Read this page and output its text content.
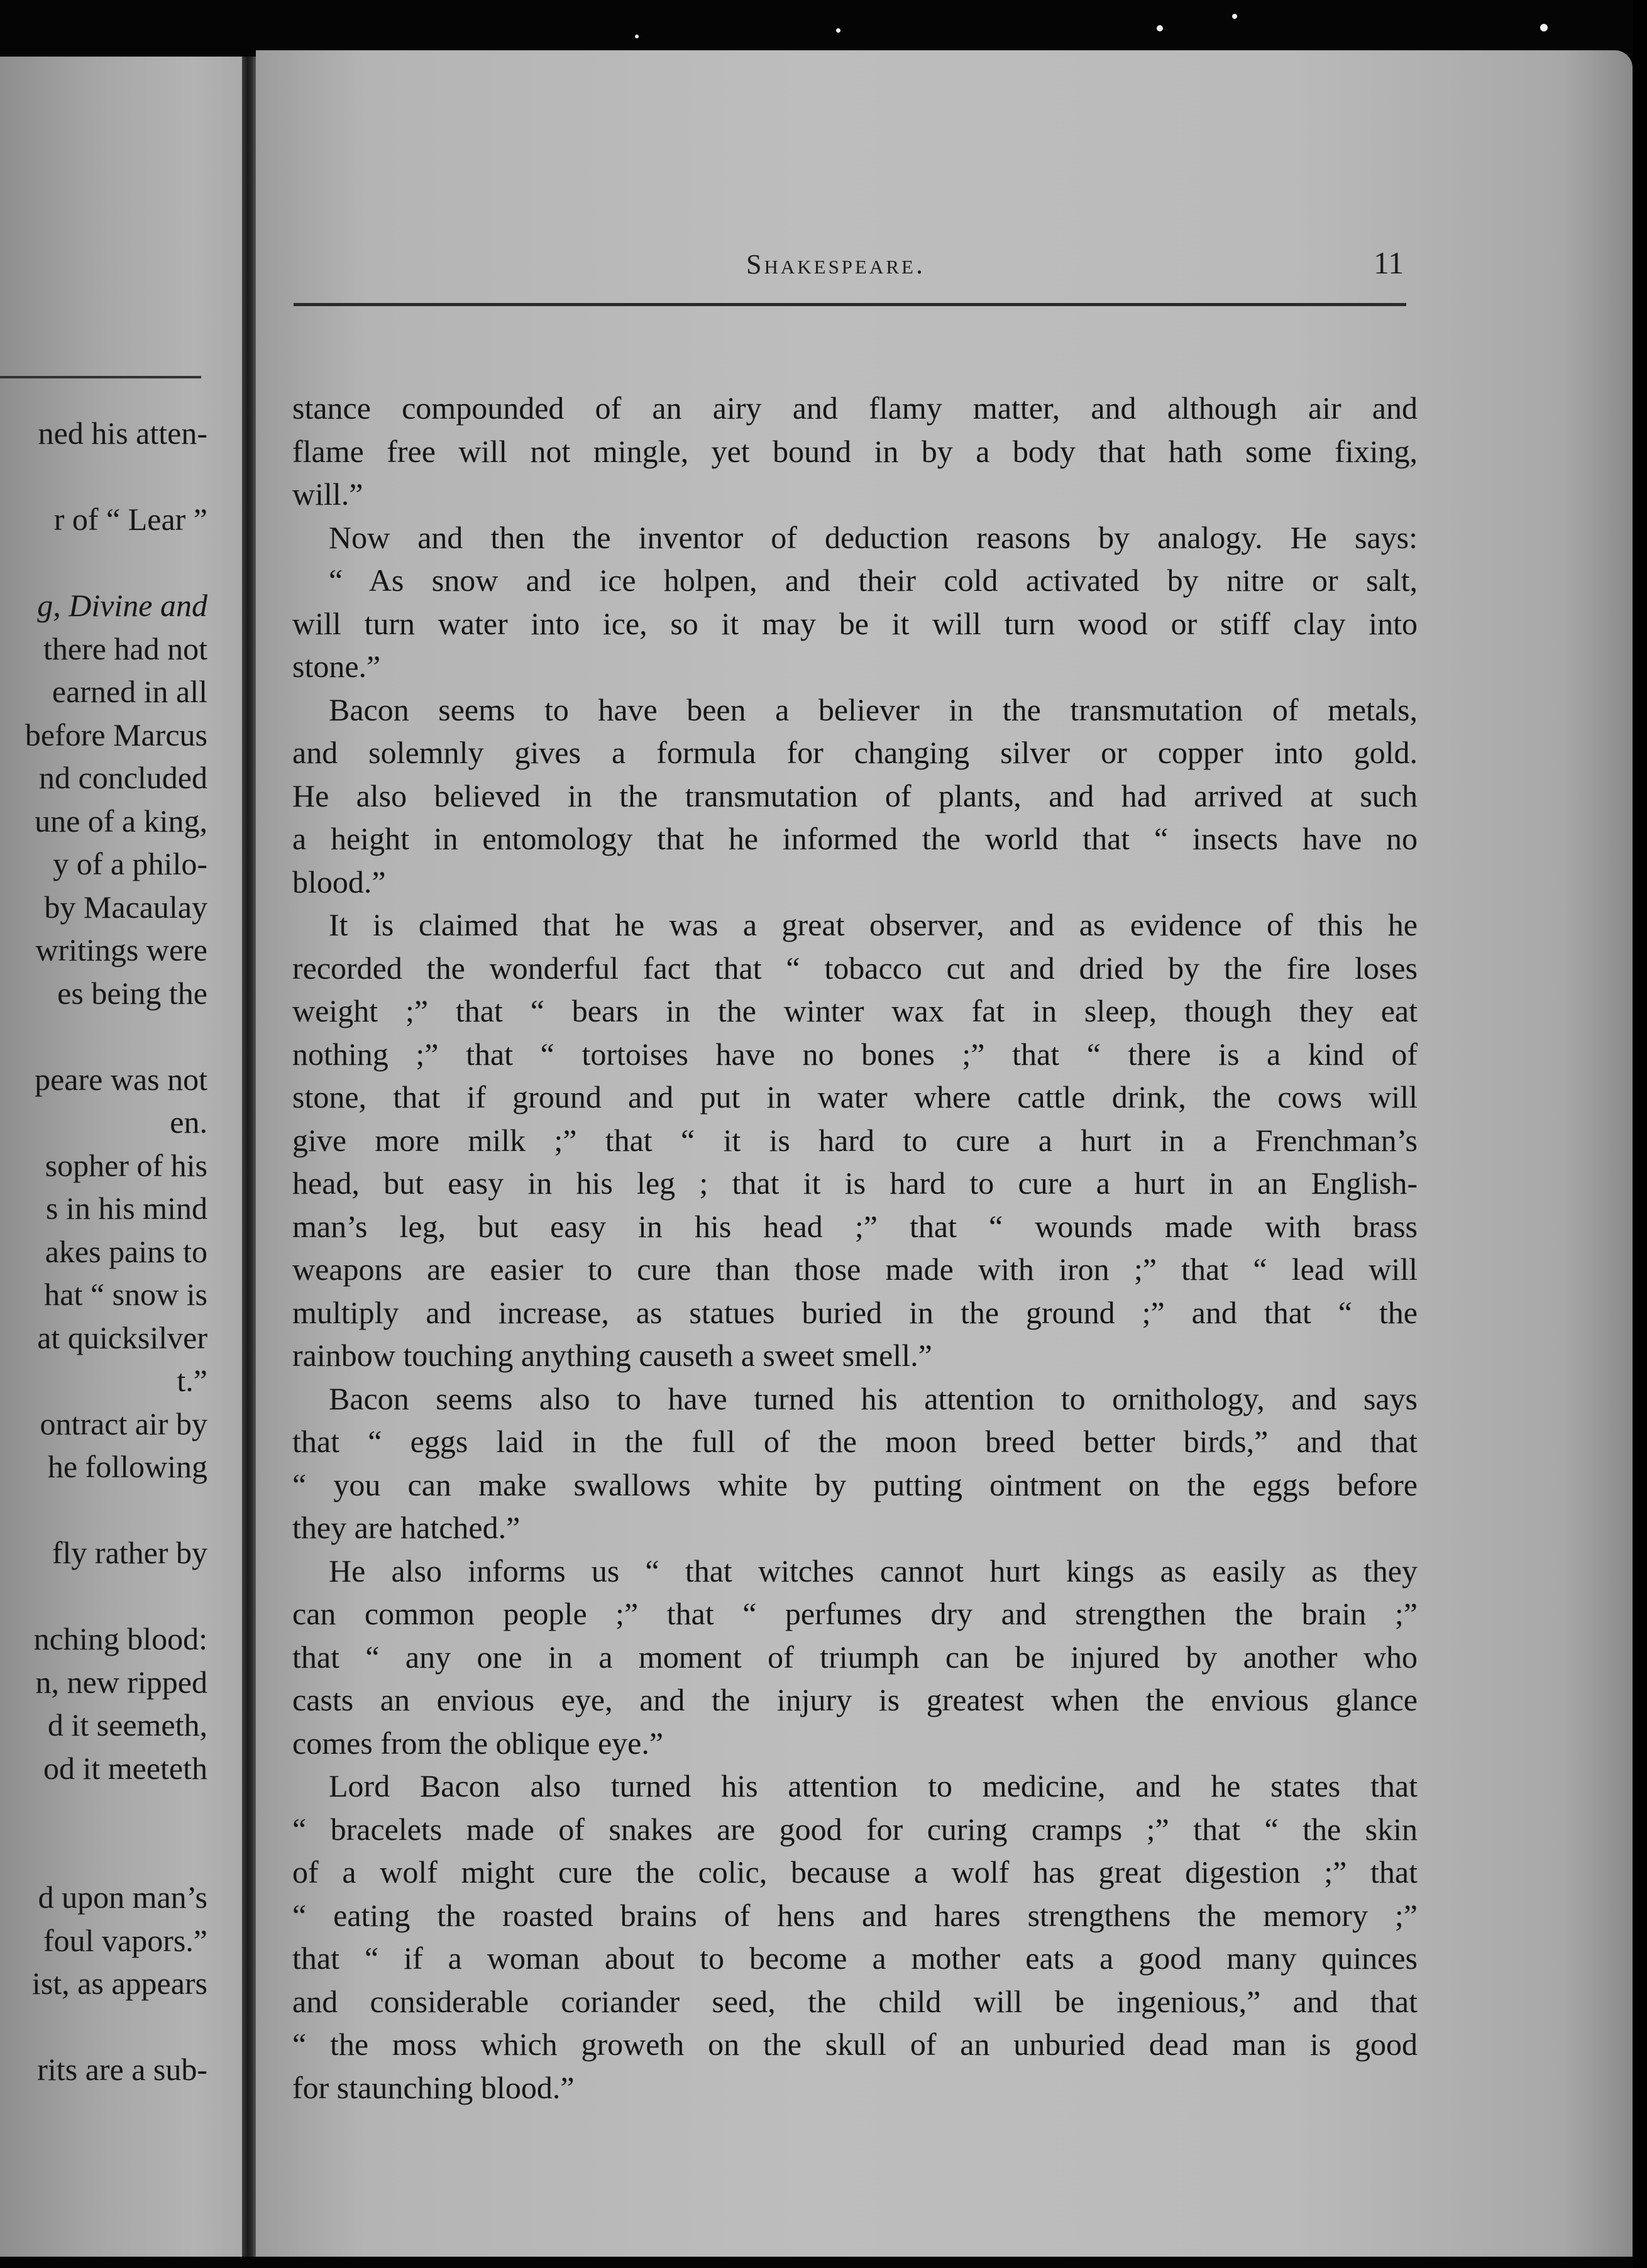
ned his atten-
r of “ Lear ”
g, Divine and
there had not
earned in all
before Marcus
nd concluded
une of a king,
y of a philo-
by Macaulay
writings were
es being the
peare was not
en.
sopher of his
s in his mind
akes pains to
hat “ snow is
at quicksilver
t.”
ontract air by
he following
fly rather by
nching blood:
n, new ripped
d it seemeth,
od it meeteth
d upon man’s
foul vapors.”
ist, as appears
rits are a sub-
Shakespeare.	11
stance compounded of an airy and flamy matter, and although air and
flame free will not mingle, yet bound in by a body that hath some fixing,
will.”
Now and then the inventor of deduction reasons by analogy. He says:
“ As snow and ice holpen, and their cold activated by nitre or salt,
will turn water into ice, so it may be it will turn wood or stiff clay into
stone.”
Bacon seems to have been a believer in the transmutation of metals,
and solemnly gives a formula for changing silver or copper into gold.
He also believed in the transmutation of plants, and had arrived at such
a height in entomology that he informed the world that “ insects have no
blood.”
It is claimed that he was a great observer, and as evidence of this he
recorded the wonderful fact that “ tobacco cut and dried by the fire loses
weight ;” that “ bears in the winter wax fat in sleep, though they eat
nothing ;” that “ tortoises have no bones ;” that “ there is a kind of
stone, that if ground and put in water where cattle drink, the cows will
give more milk ;” that “ it is hard to cure a hurt in a Frenchman’s
head, but easy in his leg ; that it is hard to cure a hurt in an English-
man’s leg, but easy in his head ;” that “ wounds made with brass
weapons are easier to cure than those made with iron ;” that “ lead will
multiply and increase, as statues buried in the ground ;” and that “ the
rainbow touching anything causeth a sweet smell.”
Bacon seems also to have turned his attention to ornithology, and says
that “ eggs laid in the full of the moon breed better birds,” and that
“ you can make swallows white by putting ointment on the eggs before
they are hatched.”
He also informs us “ that witches cannot hurt kings as easily as they
can common people ;” that “ perfumes dry and strengthen the brain ;”
that “ any one in a moment of triumph can be injured by another who
casts an envious eye, and the injury is greatest when the envious glance
comes from the oblique eye.”
Lord Bacon also turned his attention to medicine, and he states that
“ bracelets made of snakes are good for curing cramps ;” that “ the skin
of a wolf might cure the colic, because a wolf has great digestion ;” that
“ eating the roasted brains of hens and hares strengthens the memory ;”
that “ if a woman about to become a mother eats a good many quinces
and considerable coriander seed, the child will be ingenious,” and that
“ the moss which groweth on the skull of an unburied dead man is good
for staunching blood.”
